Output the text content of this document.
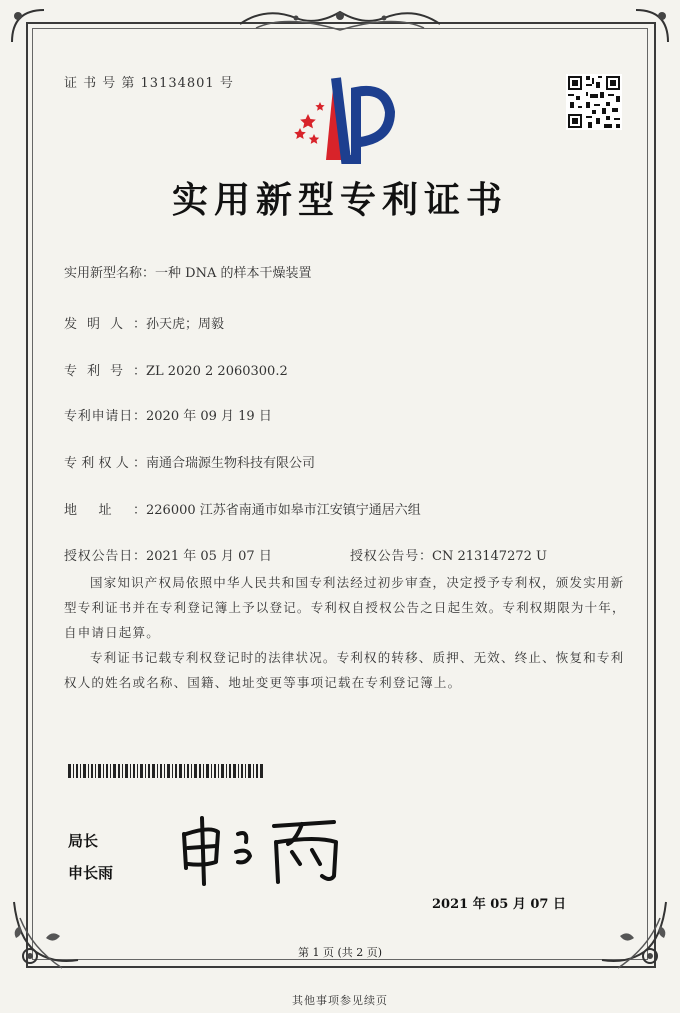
证 书 号 第 13134801 号
实用新型专利证书
实用新型名称：一种 DNA 的样本干燥装置
发明人：孙天虎；周毅
专利号：ZL 2020 2 2060300.2
专利申请日：2020 年 09 月 19 日
专利权人：南通合瑞源生物科技有限公司
地址：226000 江苏省南通市如皋市江安镇宁通居六组
授权公告日：2021 年 05 月 07 日	授权公告号：CN 213147272 U
国家知识产权局依照中华人民共和国专利法经过初步审查，决定授予专利权，颁发实用新型专利证书并在专利登记簿上予以登记。专利权自授权公告之日起生效。专利权期限为十年，自申请日起算。
专利证书记载专利权登记时的法律状况。专利权的转移、质押、无效、终止、恢复和专利权人的姓名或名称、国籍、地址变更等事项记载在专利登记簿上。
局长
申长雨
2021 年 05 月 07 日
第 1 页 (共 2 页)
其他事项参见续页
